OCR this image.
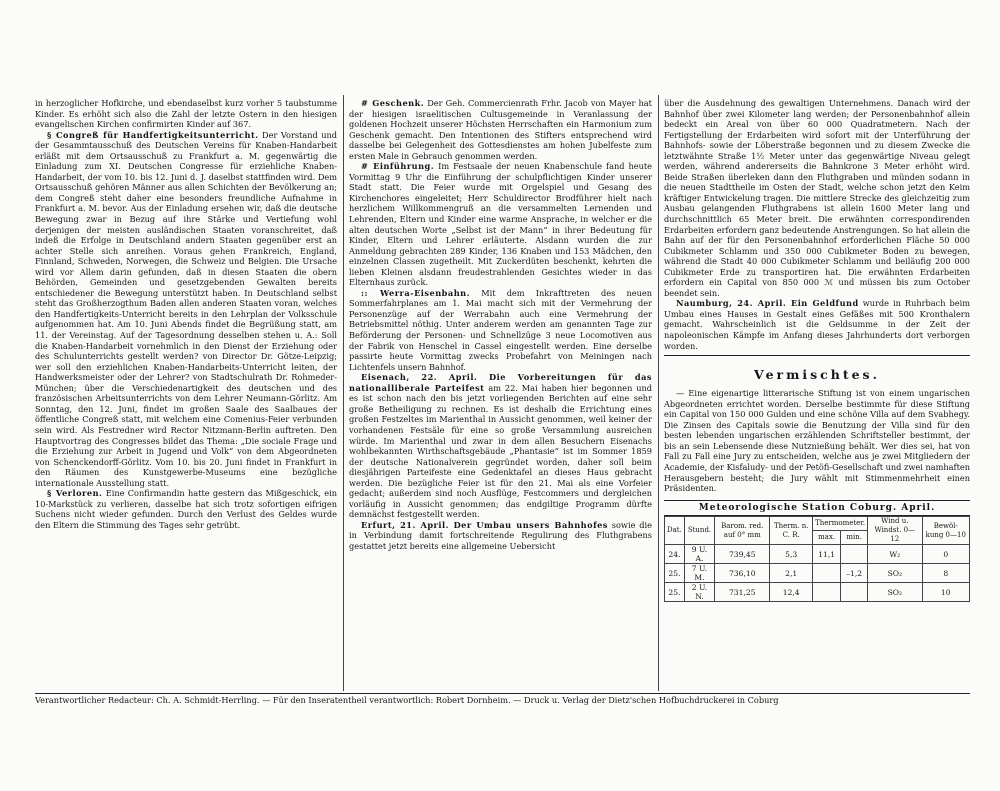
in herzoglicher Hofkirche, und ebendaselbst kurz vorher 5 taubstumme Kinder. Es erhöht sich also die Zahl der letzte Ostern in den hiesigen evangelischen Kirchen confirmirten Kinder auf 367.

§ Congreß für Handfertigkeitsunterricht. Der Vorstand und der Gesammtausschuß des Deutschen Vereins für Knaben-Handarbeit erläßt mit dem Ortsausschuß zu Frankfurt a. M. gegenwärtig die Einladung zum XI. Deutschen Congresse für erziehliche Knaben-Handarbeit, der vom 10. bis 12. Juni d. J. daselbst stattfinden wird. Dem Ortsausschuß gehören Männer aus allen Schichten der Bevölkerung an; dem Congreß steht daher eine besonders freundliche Aufnahme in Frankfurt a. M. bevor. Aus der Einladung ersehen wir, daß die deutsche Bewegung zwar in Bezug auf ihre Stärke und Vertiefung wohl derjenigen der meisten ausländischen Staaten voranschreitet, daß indeß die Erfolge in Deutschland andern Staaten gegenüber erst an achter Stelle sich anreihen. Voraus gehen Frankreich, England, Finnland, Schweden, Norwegen, die Schweiz und Belgien. Die Ursache wird vor Allem darin gefunden, daß in diesen Staaten die obern Behörden, Gemeinden und gesetzgebenden Gewalten bereits entschiedener die Bewegung unterstützt haben. In Deutschland selbst steht das Großherzogthum Baden allen anderen Staaten voran, welches den Handfertigkeits-Unterricht bereits in den Lehrplan der Volksschule aufgenommen hat. Am 10. Juni Abends findet die Begrüßung statt, am 11. der Vereinstag. Auf der Tagesordnung desselben stehen u. A.: Soll die Knaben-Handarbeit vornehmlich in den Dienst der Erziehung oder des Schulunterrichts gestellt werden? von Director Dr. Götze-Leipzig; wer soll den erziehlichen Knaben-Handarbeits-Unterricht leiten, der Handwerksmeister oder der Lehrer? von Stadtschulrath Dr. Rohmeder-München; über die Verschiedenartigkeit des deutschen und des französischen Arbeitsunterrichts von dem Lehrer Neumann-Görlitz. Am Sonntag, den 12. Juni, findet im großen Saale des Saalbaues der öffentliche Congreß statt, mit welchem eine Comenius-Feier verbunden sein wird. Als Festredner wird Rector Nitzmann-Berlin auftreten. Den Hauptvortrag des Congresses bildet das Thema: „Die sociale Frage und die Erziehung zur Arbeit in Jugend und Volk“ von dem Abgeordneten von Schenckendorff-Görlitz. Vom 10. bis 20. Juni findet in Frankfurt in den Räumen des Kunstgewerbe-Museums eine bezügliche internationale Ausstellung statt.

§ Verloren. Eine Confirmandin hatte gestern das Mißgeschick, ein 10-Markstück zu verlieren, dasselbe hat sich trotz sofortigen eifrigen Suchens nicht wieder gefunden. Durch den Verlust des Geldes wurde den Eltern die Stimmung des Tages sehr getrübt.

# Geschenk. Der Geh. Commercienrath Frhr. Jacob von Mayer hat der hiesigen israelitischen Cultusgemeinde in Veranlassung der goldenen Hochzeit unserer Höchsten Herrschaften ein Harmonium zum Geschenk gemacht. Den Intentionen des Stifters entsprechend wird dasselbe bei Gelegenheit des Gottesdienstes am hohen Jubelfeste zum ersten Male in Gebrauch genommen werden.

# Einführung. Im Festsaale der neuen Knabenschule fand heute Vormittag 9 Uhr die Einführung der schulpflichtigen Kinder unserer Stadt statt. Die Feier wurde mit Orgelspiel und Gesang des Kirchenchores eingeleitet; Herr Schuldirector Brodführer hielt nach herzlichem Willkommengruß an die versammelten Lernenden und Lehrenden, Eltern und Kinder eine warme Ansprache, in welcher er die alten deutschen Worte „Selbst ist der Mann“ in ihrer Bedeutung für Kinder, Eltern und Lehrer erläuterte. Alsdann wurden die zur Anmeldung gebrachten 289 Kinder, 136 Knaben und 153 Mädchen, den einzelnen Classen zugetheilt. Mit Zuckerdüten beschenkt, kehrten die lieben Kleinen alsdann freudestrahlenden Gesichtes wieder in das Elternhaus zurück.

:: Werra-Eisenbahn. Mit dem Inkrafttreten des neuen Sommerfahrplanes am 1. Mai macht sich mit der Vermehrung der Personenzüge auf der Werrabahn auch eine Vermehrung der Betriebsmittel nöthig. Unter anderem werden am genannten Tage zur Beförderung der Personen- und Schnellzüge 3 neue Locomotiven aus der Fabrik von Henschel in Cassel eingestellt werden. Eine derselbe passirte heute Vormittag zwecks Probefahrt von Meiningen nach Lichtenfels unsern Bahnhof.

Eisenach, 22. April. Die Vorbereitungen für das nationalliberale Parteifest am 22. Mai haben hier begonnen und es ist schon nach den bis jetzt vorliegenden Berichten auf eine sehr große Betheiligung zu rechnen. Es ist deshalb die Errichtung eines großen Festzeltes im Marienthal in Aussicht genommen, weil keiner der vorhandenen Festsäle für eine so große Versammlung ausreichen würde. Im Marienthal und zwar in dem allen Besuchern Eisenachs wohlbekannten Wirthschaftsgebäude „Phantasie“ ist im Sommer 1859 der deutsche Nationalverein gegründet worden, daher soll beim diesjährigen Parteifeste eine Gedenktafel an dieses Haus gebracht werden. Die bezügliche Feier ist für den 21. Mai als eine Vorfeier gedacht; außerdem sind noch Ausflüge, Festcommers und dergleichen vorläufig in Aussicht genommen; das endgiltige Programm dürfte demnächst festgestellt werden.

Erfurt, 21. April. Der Umbau unsers Bahnhofes sowie die in Verbindung damit fortschreitende Regulirung des Fluthgrabens gestattet jetzt bereits eine allgemeine Uebersicht

über die Ausdehnung des gewaltigen Unternehmens. Danach wird der Bahnhof über zwei Kilometer lang werden; der Personenbahnhof allein bedeckt ein Areal von über 60 000 Quadratmetern. Nach der Fertigstellung der Erdarbeiten wird sofort mit der Unterführung der Bahnhofs- sowie der Löberstraße begonnen und zu diesem Zwecke die letztwähnte Straße 1½ Meter unter das gegenwärtige Niveau gelegt werden, während andererseits die Bahnkrone 3 Meter erhöht wird. Beide Straßen überleken dann den Fluthgraben und münden sodann in die neuen Stadttheile im Osten der Stadt, welche schon jetzt den Keim kräftiger Entwickelung tragen. Die mittlere Strecke des gleichzeitig zum Ausbau gelangenden Fluthgrabens ist allein 1600 Meter lang und durchschnittlich 65 Meter breit. Die erwähnten correspondirenden Erdarbeiten erfordern ganz bedeutende Anstrengungen. So hat allein die Bahn auf der für den Personenbahnhof erforderlichen Fläche 50 000 Cubikmeter Schlamm und 350 000 Cubikmeter Boden zu bewegen, während die Stadt 40 000 Cubikmeter Schlamm und beiläufig 200 000 Cubikmeter Erde zu transportiren hat. Die erwähnten Erdarbeiten erfordern ein Capital von 850 000 ℳ und müssen bis zum October beendet sein.

Naumburg, 24. April. Ein Geldfund wurde in Ruhrbach beim Umbau eines Hauses in Gestalt eines Gefäßes mit 500 Kronthalern gemacht. Wahrscheinlich ist die Geldsumme in der Zeit der napoleonischen Kämpfe im Anfang dieses Jahrhunderts dort verborgen worden.

Vermischtes.

— Eine eigenartige litterarische Stiftung ist von einem ungarischen Abgeordneten errichtet worden. Derselbe bestimmte für diese Stiftung ein Capital von 150 000 Gulden und eine schöne Villa auf dem Svabhegy. Die Zinsen des Capitals sowie die Benutzung der Villa sind für den besten lebenden ungarischen erzählenden Schriftsteller bestimmt, der bis an sein Lebensende diese Nutznießung behält. Wer dies sei, hat von Fall zu Fall eine Jury zu entscheiden, welche aus je zwei Mitgliedern der Academie, der Kisfaludy- und der Petöfi-Gesellschaft und zwei namhaften Herausgebern besteht; die Jury wählt mit Stimmenmehrheit einen Präsidenten.

Meteorologische Station Coburg. April.
Dat.	Stund.	Barom. red. auf 0° mm	Therm. n. C. R.	Thermometer.		Wind u. Windst. 0—12	Bewöl- kung 0—10
				max.	min.		
24.	9 U. A.	739,45	5,3	11,1		W₂	0
25.	7 U. M.	736,10	2,1		–1,2	SO₂	8
25.	2 U. N.	731,25	12,4			SO₂	10
Verantwortlicher Redacteur: Ch. A. Schmidt-Herrling. — Für den Inseratentheil verantwortlich: Robert Dornheim. — Druck u. Verlag der Dietz'schen Hofbuchdruckerei in Coburg
